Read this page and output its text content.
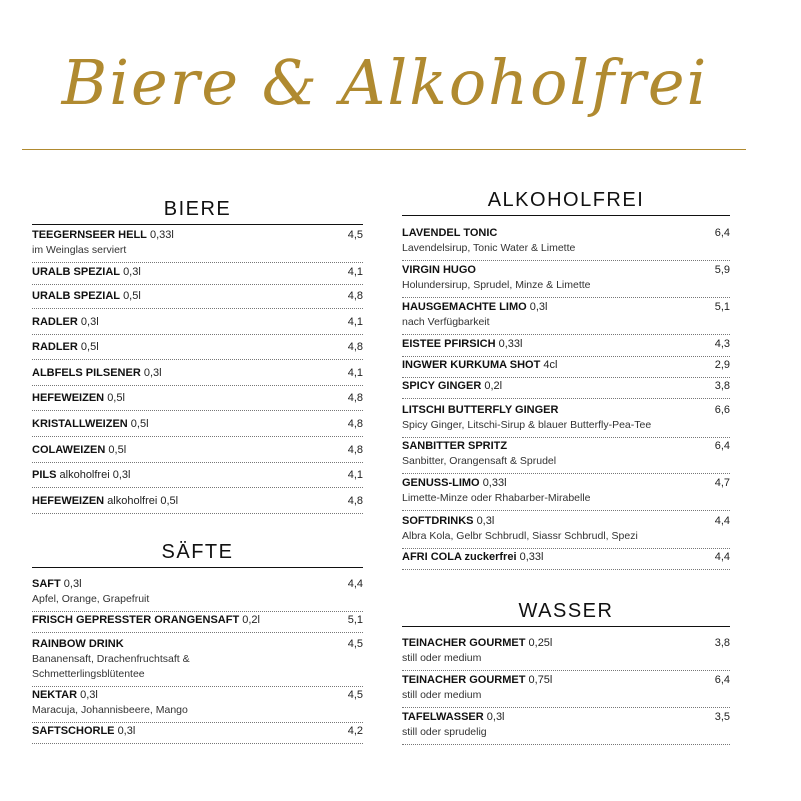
Biere & Alkoholfrei
BIERE
SÄFTE
TEEGERNSEER HELL 0,33l	4,5
im Weinglas serviert
URALB SPEZIAL 0,3l	4,1
URALB SPEZIAL 0,5l	4,8
RADLER 0,3l	4,1
RADLER 0,5l	4,8
ALBFELS PILSENER 0,3l	4,1
HEFEWEIZEN 0,5l	4,8
KRISTALLWEIZEN 0,5l	4,8
COLAWEIZEN 0,5l	4,8
PILS alkoholfrei 0,3l	4,1
HEFEWEIZEN alkoholfrei 0,5l	4,8
SAFT 0,3l	4,4
Apfel, Orange, Grapefruit
FRISCH GEPRESSTER ORANGENSAFT 0,2l	5,1
RAINBOW DRINK	4,5
Bananensaft, Drachenfruchtsaft &
Schmetterlingsblütentee
NEKTAR 0,3l	4,5
Maracuja, Johannisbeere, Mango
SAFTSCHORLE 0,3l	4,2
ALKOHOLFREI
WASSER
LAVENDEL TONIC	6,4
Lavendelsirup, Tonic Water & Limette
VIRGIN HUGO	5,9
Holundersirup, Sprudel, Minze & Limette
HAUSGEMACHTE LIMO 0,3l	5,1
nach Verfügbarkeit
EISTEE PFIRSICH 0,33l	4,3
INGWER KURKUMA SHOT 4cl	2,9
SPICY GINGER 0,2l	3,8
LITSCHI BUTTERFLY GINGER	6,6
Spicy Ginger, Litschi-Sirup & blauer Butterfly-Pea-Tee
SANBITTER SPRITZ	6,4
Sanbitter, Orangensaft & Sprudel
GENUSS-LIMO 0,33l	4,7
Limette-Minze oder Rhabarber-Mirabelle
SOFTDRINKS 0,3l	4,4
Albra Kola, Gelbr Schbrudl, Siassr Schbrudl, Spezi
AFRI COLA zuckerfrei 0,33l	4,4
TEINACHER GOURMET 0,25l	3,8
still oder medium
TEINACHER GOURMET 0,75l	6,4
still oder medium
TAFELWASSER 0,3l	3,5
still oder sprudelig
